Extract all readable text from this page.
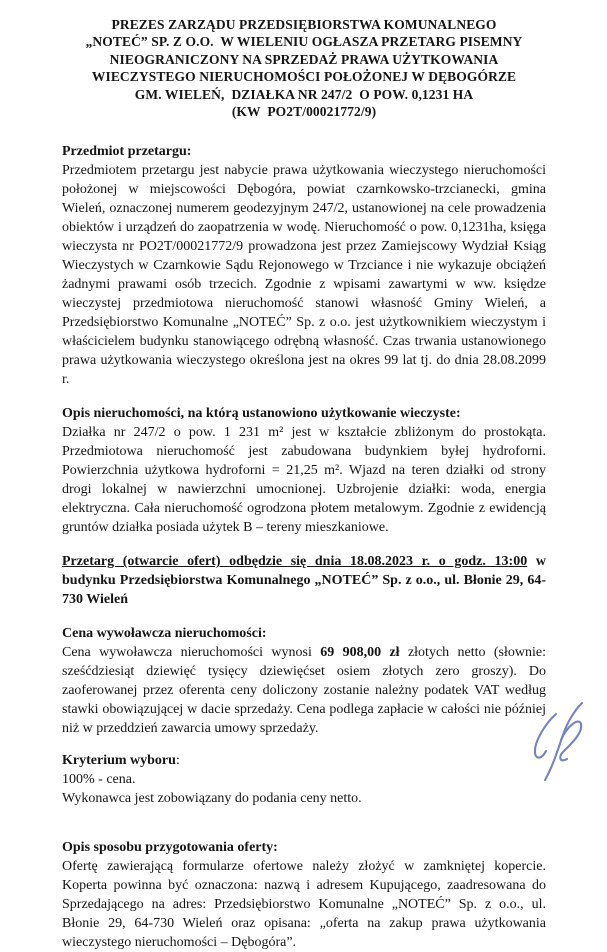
PREZES ZARZĄDU PRZEDSIĘBIORSTWA KOMUNALNEGO
„NOTEĆ” SP. Z O.O.  W WIELENIU OGŁASZA PRZETARG PISEMNY
NIEOGRANICZONY NA SPRZEDAŻ PRAWA UŻYTKOWANIA
WIECZYSTEGO NIERUCHOMOŚCI POŁOŻONEJ W DĘBOGÓRZE
GM. WIELEŃ,  DZIAŁKA NR 247/2  O POW. 0,1231 HA
(KW  PO2T/00021772/9)
Przedmiot przetargu:

Przedmiotem przetargu jest nabycie prawa użytkowania wieczystego nieruchomości położonej w miejscowości Dębogóra, powiat czarnkowsko-trzcianecki, gmina Wieleń, oznaczonej numerem geodezyjnym 247/2, ustanowionej na cele prowadzenia obiektów i urządzeń do zaopatrzenia w wodę. Nieruchomość o pow. 0,1231ha, księga wieczysta nr PO2T/00021772/9 prowadzona jest przez Zamiejscowy Wydział Ksiąg Wieczystych w Czarnkowie Sądu Rejonowego w Trzciance i nie wykazuje obciążeń żadnymi prawami osób trzecich. Zgodnie z wpisami zawartymi w ww. księdze wieczystej przedmiotowa nieruchomość stanowi własność Gminy Wieleń, a Przedsiębiorstwo Komunalne „NOTEĆ” Sp. z o.o. jest użytkownikiem wieczystym i właścicielem budynku stanowiącego odrębną własność. Czas trwania ustanowionego prawa użytkowania wieczystego określona jest na okres 99 lat tj. do dnia 28.08.2099 r.

Opis nieruchomości, na którą ustanowiono użytkowanie wieczyste:

Działka nr 247/2 o pow. 1 231 m² jest w kształcie zbliżonym do prostokąta. Przedmiotowa nieruchomość jest zabudowana budynkiem byłej hydroforni. Powierzchnia użytkowa hydroforni = 21,25 m². Wjazd na teren działki od strony drogi lokalnej w nawierzchni umocnionej. Uzbrojenie działki: woda, energia elektryczna. Cała nieruchomość ogrodzona płotem metalowym. Zgodnie z ewidencją gruntów działka posiada użytek B – tereny mieszkaniowe.

Przetarg (otwarcie ofert) odbędzie się dnia 18.08.2023 r. o godz. 13:00 w budynku Przedsiębiorstwa Komunalnego „NOTEĆ” Sp. z o.o., ul. Błonie 29, 64-730 Wieleń

Cena wywoławcza nieruchomości:

Cena wywoławcza nieruchomości wynosi 69 908,00 zł złotych netto (słownie: sześćdziesiąt dziewięć tysięcy dziewięćset osiem złotych zero groszy). Do zaoferowanej przez oferenta ceny doliczony zostanie należny podatek VAT według stawki obowiązującej w dacie sprzedaży. Cena podlega zapłacie w całości nie później niż w przeddzień zawarcia umowy sprzedaży.

Kryterium wyboru:

100% - cena.

Wykonawca jest zobowiązany do podania ceny netto.

Opis sposobu przygotowania oferty:

Ofertę zawierającą formularze ofertowe należy złożyć w zamkniętej kopercie. Koperta powinna być oznaczona: nazwą i adresem Kupującego, zaadresowana do Sprzedającego na adres: Przedsiębiorstwo Komunalne „NOTEĆ” Sp. z o.o., ul. Błonie 29, 64-730 Wieleń oraz opisana: „oferta na zakup prawa użytkowania wieczystego nieruchomości – Dębogóra”.
